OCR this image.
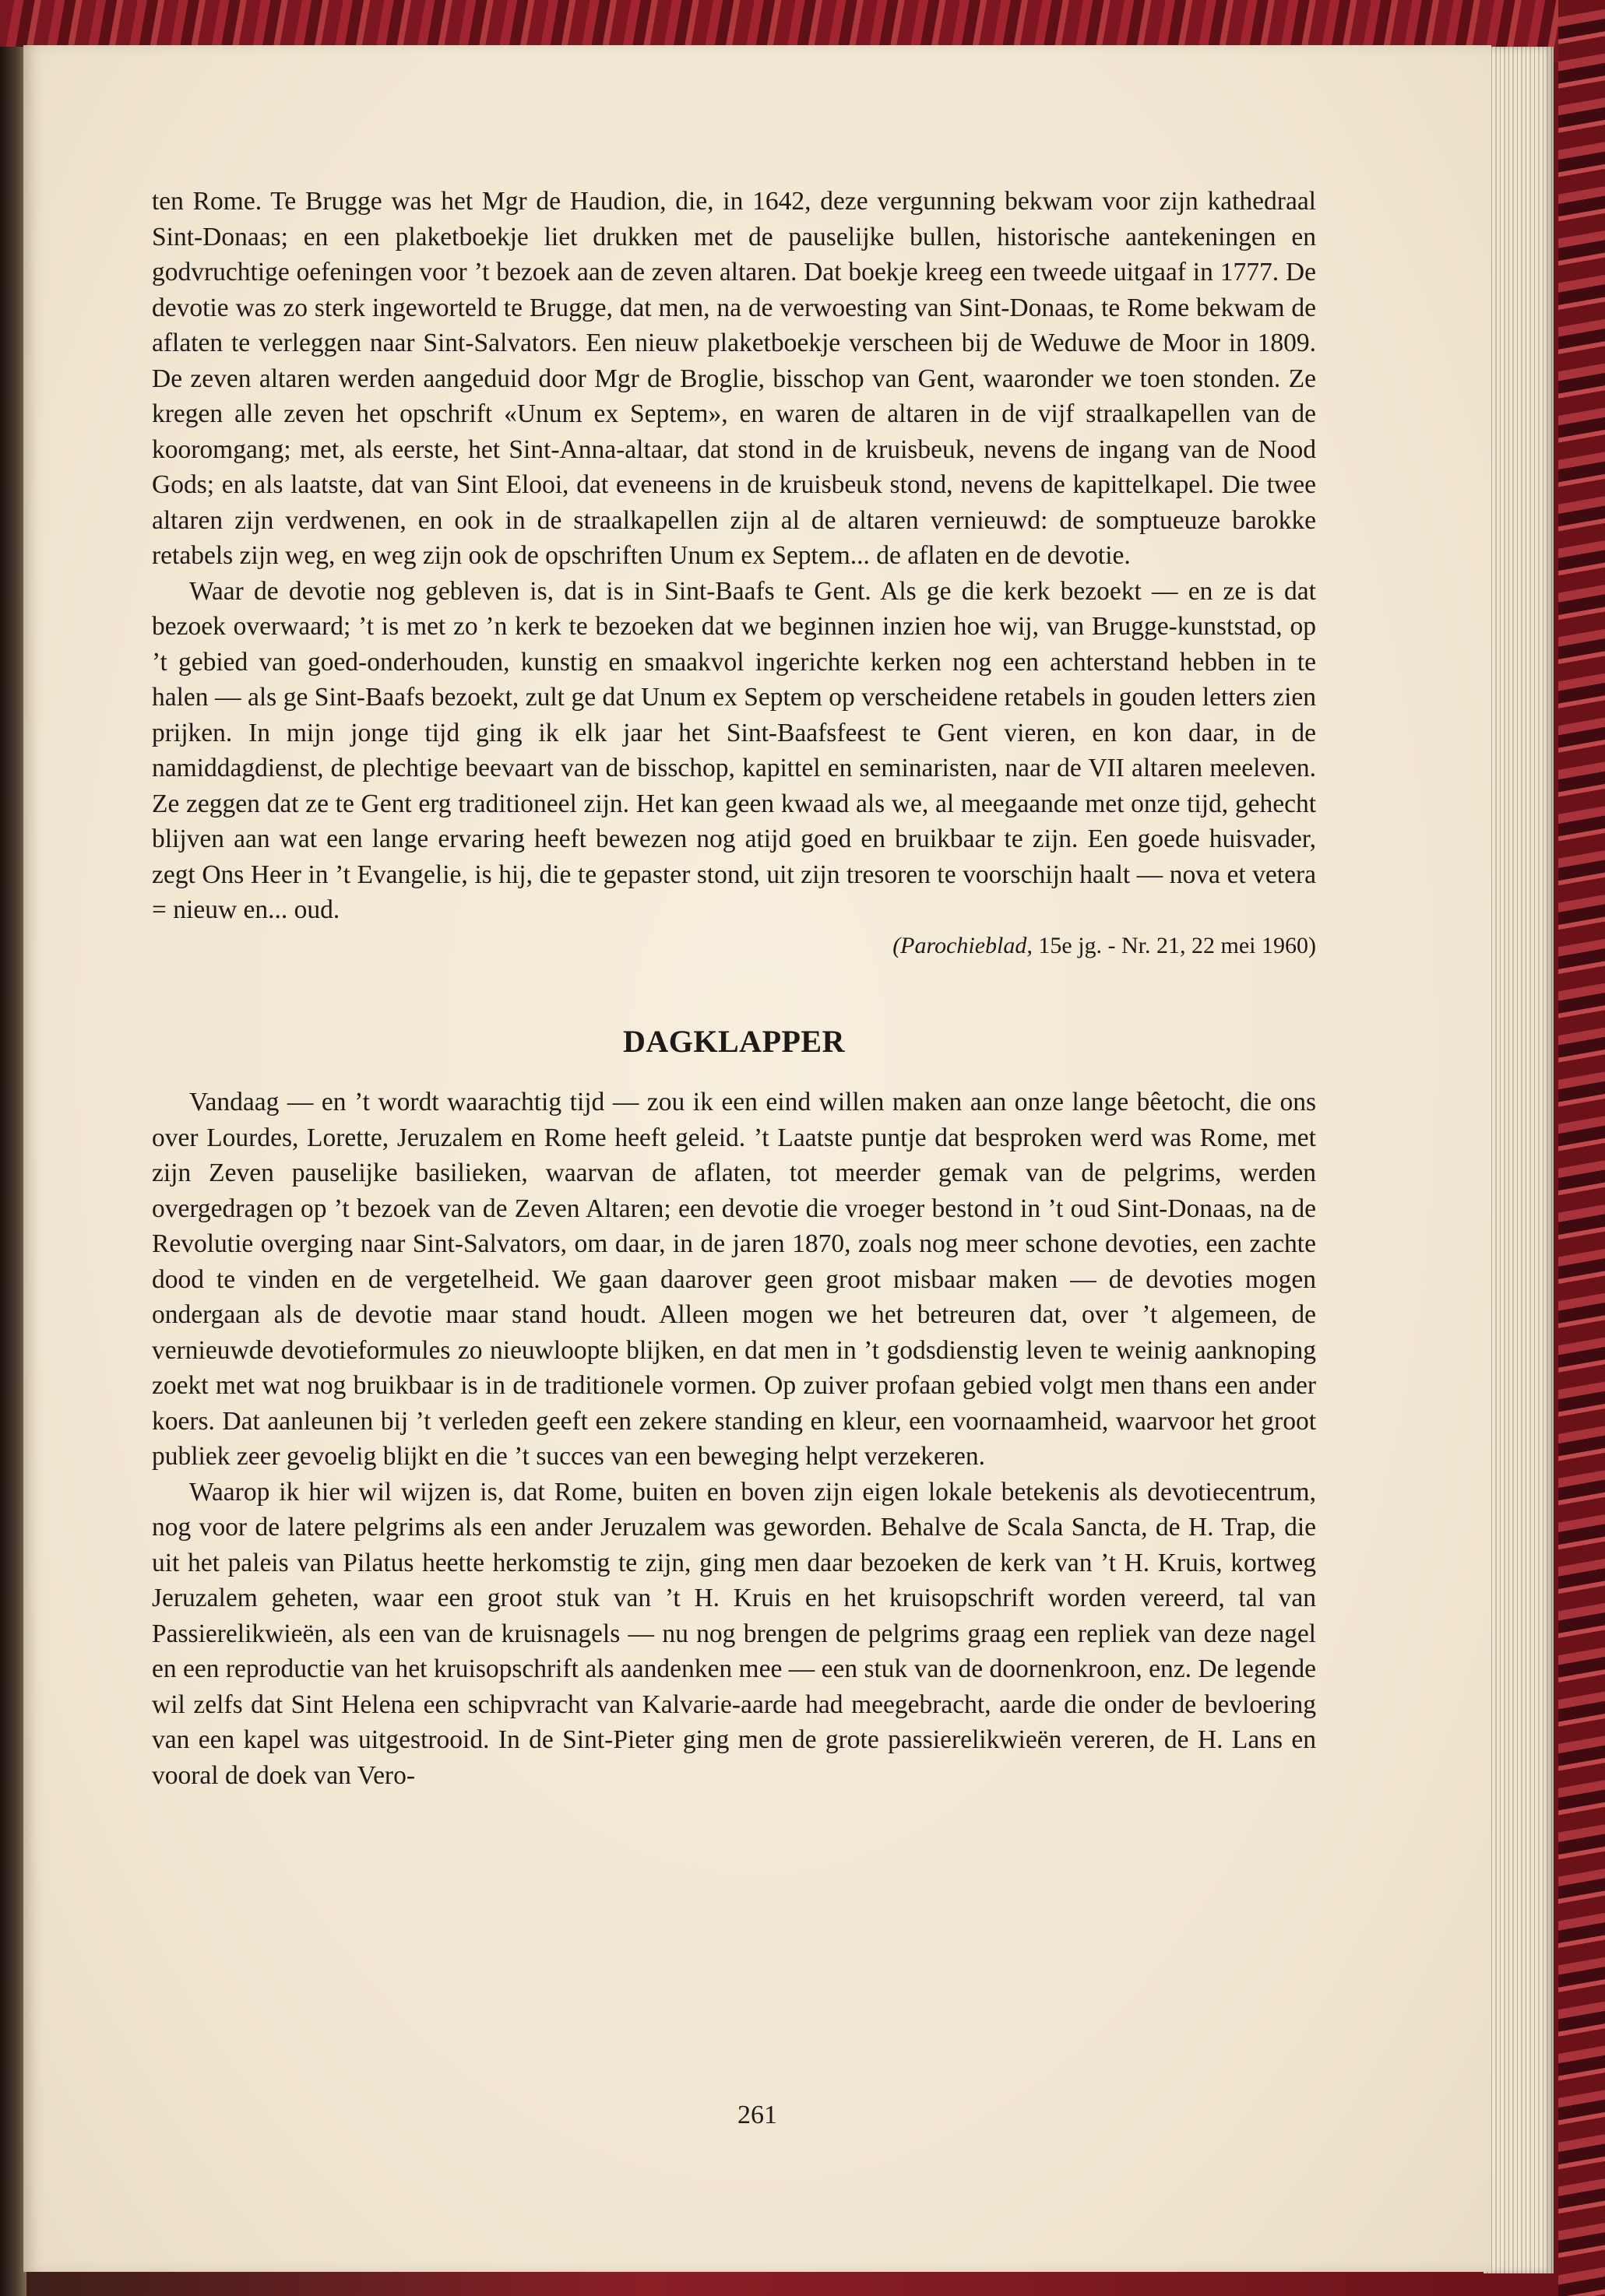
ten Rome. Te Brugge was het Mgr de Haudion, die, in 1642, deze vergunning bekwam voor zijn kathedraal Sint-Donaas; en een plaketboekje liet drukken met de pauselijke bullen, historische aantekeningen en godvruchtige oefeningen voor ’t bezoek aan de zeven altaren. Dat boekje kreeg een tweede uitgaaf in 1777. De devotie was zo sterk ingeworteld te Brugge, dat men, na de verwoesting van Sint-Donaas, te Rome bekwam de aflaten te verleggen naar Sint-Salvators. Een nieuw plaketboekje verscheen bij de Weduwe de Moor in 1809. De zeven altaren werden aangeduid door Mgr de Broglie, bisschop van Gent, waaronder we toen stonden. Ze kregen alle zeven het opschrift «Unum ex Septem», en waren de altaren in de vijf straalkapellen van de kooromgang; met, als eerste, het Sint-Anna-altaar, dat stond in de kruisbeuk, nevens de ingang van de Nood Gods; en als laatste, dat van Sint Elooi, dat eveneens in de kruisbeuk stond, nevens de kapittelkapel. Die twee altaren zijn verdwenen, en ook in de straalkapellen zijn al de altaren vernieuwd: de somptueuze barokke retabels zijn weg, en weg zijn ook de opschriften Unum ex Septem... de aflaten en de devotie.

Waar de devotie nog gebleven is, dat is in Sint-Baafs te Gent. Als ge die kerk bezoekt — en ze is dat bezoek overwaard; ’t is met zo ’n kerk te bezoeken dat we beginnen inzien hoe wij, van Brugge-kunststad, op ’t gebied van goed-onderhouden, kunstig en smaakvol ingerichte kerken nog een achterstand hebben in te halen — als ge Sint-Baafs bezoekt, zult ge dat Unum ex Septem op verscheidene retabels in gouden letters zien prijken. In mijn jonge tijd ging ik elk jaar het Sint-Baafsfeest te Gent vieren, en kon daar, in de namiddagdienst, de plechtige beevaart van de bisschop, kapittel en seminaristen, naar de VII altaren meeleven. Ze zeggen dat ze te Gent erg traditioneel zijn. Het kan geen kwaad als we, al meegaande met onze tijd, gehecht blijven aan wat een lange ervaring heeft bewezen nog atijd goed en bruikbaar te zijn. Een goede huisvader, zegt Ons Heer in ’t Evangelie, is hij, die te gepaster stond, uit zijn tresoren te voorschijn haalt — nova et vetera = nieuw en... oud.

(Parochieblad, 15e jg. - Nr. 21, 22 mei 1960)

DAGKLAPPER

Vandaag — en ’t wordt waarachtig tijd — zou ik een eind willen maken aan onze lange bêetocht, die ons over Lourdes, Lorette, Jeruzalem en Rome heeft geleid. ’t Laatste puntje dat besproken werd was Rome, met zijn Zeven pauselijke basilieken, waarvan de aflaten, tot meerder gemak van de pelgrims, werden overgedragen op ’t bezoek van de Zeven Altaren; een devotie die vroeger bestond in ’t oud Sint-Donaas, na de Revolutie overging naar Sint-Salvators, om daar, in de jaren 1870, zoals nog meer schone devoties, een zachte dood te vinden en de vergetelheid. We gaan daarover geen groot misbaar maken — de devoties mogen ondergaan als de devotie maar stand houdt. Alleen mogen we het betreuren dat, over ’t algemeen, de vernieuwde devotieformules zo nieuwloopte blijken, en dat men in ’t godsdienstig leven te weinig aanknoping zoekt met wat nog bruikbaar is in de traditionele vormen. Op zuiver profaan gebied volgt men thans een ander koers. Dat aanleunen bij ’t verleden geeft een zekere standing en kleur, een voornaamheid, waarvoor het groot publiek zeer gevoelig blijkt en die ’t succes van een beweging helpt verzekeren.

Waarop ik hier wil wijzen is, dat Rome, buiten en boven zijn eigen lokale betekenis als devotiecentrum, nog voor de latere pelgrims als een ander Jeruzalem was geworden. Behalve de Scala Sancta, de H. Trap, die uit het paleis van Pilatus heette herkomstig te zijn, ging men daar bezoeken de kerk van ’t H. Kruis, kortweg Jeruzalem geheten, waar een groot stuk van ’t H. Kruis en het kruisopschrift worden vereerd, tal van Passierelikwieën, als een van de kruisnagels — nu nog brengen de pelgrims graag een repliek van deze nagel en een reproductie van het kruisopschrift als aandenken mee — een stuk van de doornenkroon, enz. De legende wil zelfs dat Sint Helena een schipvracht van Kalvarie-aarde had meegebracht, aarde die onder de bevloering van een kapel was uitgestrooid. In de Sint-Pieter ging men de grote passierelikwieën vereren, de H. Lans en vooral de doek van Vero-

261
